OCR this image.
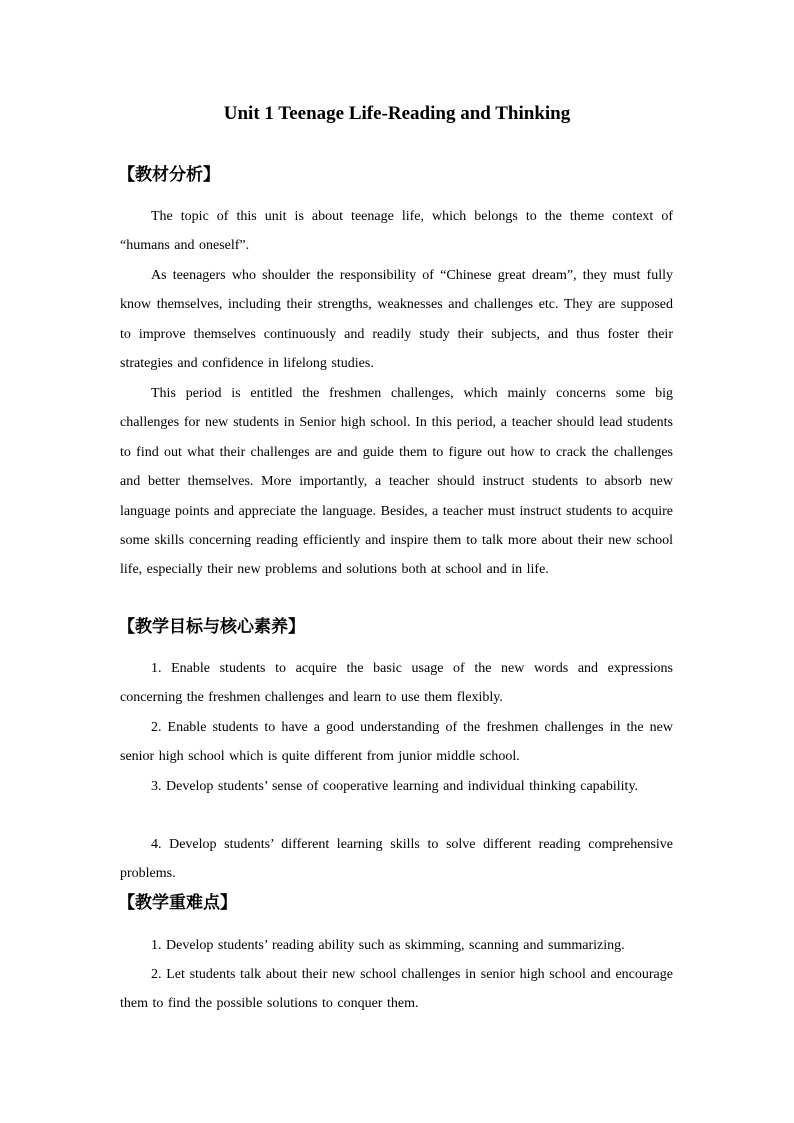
Unit 1 Teenage Life-Reading and Thinking
【教材分析】

The topic of this unit is about teenage life, which belongs to the theme context of “humans and oneself”.

As teenagers who shoulder the responsibility of “Chinese great dream”, they must fully know themselves, including their strengths, weaknesses and challenges etc. They are supposed to improve themselves continuously and readily study their subjects, and thus foster their strategies and confidence in lifelong studies.

This period is entitled the freshmen challenges, which mainly concerns some big challenges for new students in Senior high school. In this period, a teacher should lead students to find out what their challenges are and guide them to figure out how to crack the challenges and better themselves. More importantly, a teacher should instruct students to absorb new language points and appreciate the language. Besides, a teacher must instruct students to acquire some skills concerning reading efficiently and inspire them to talk more about their new school life, especially their new problems and solutions both at school and in life.

【教学目标与核心素养】

1. Enable students to acquire the basic usage of the new words and expressions concerning the freshmen challenges and learn to use them flexibly.

2. Enable students to have a good understanding of the freshmen challenges in the new senior high school which is quite different from junior middle school.

3. Develop students’ sense of cooperative learning and individual thinking capability.

4. Develop students’ different learning skills to solve different reading comprehensive problems.

【教学重难点】

1. Develop students’ reading ability such as skimming, scanning and summarizing.

2. Let students talk about their new school challenges in senior high school and encourage them to find the possible solutions to conquer them.
